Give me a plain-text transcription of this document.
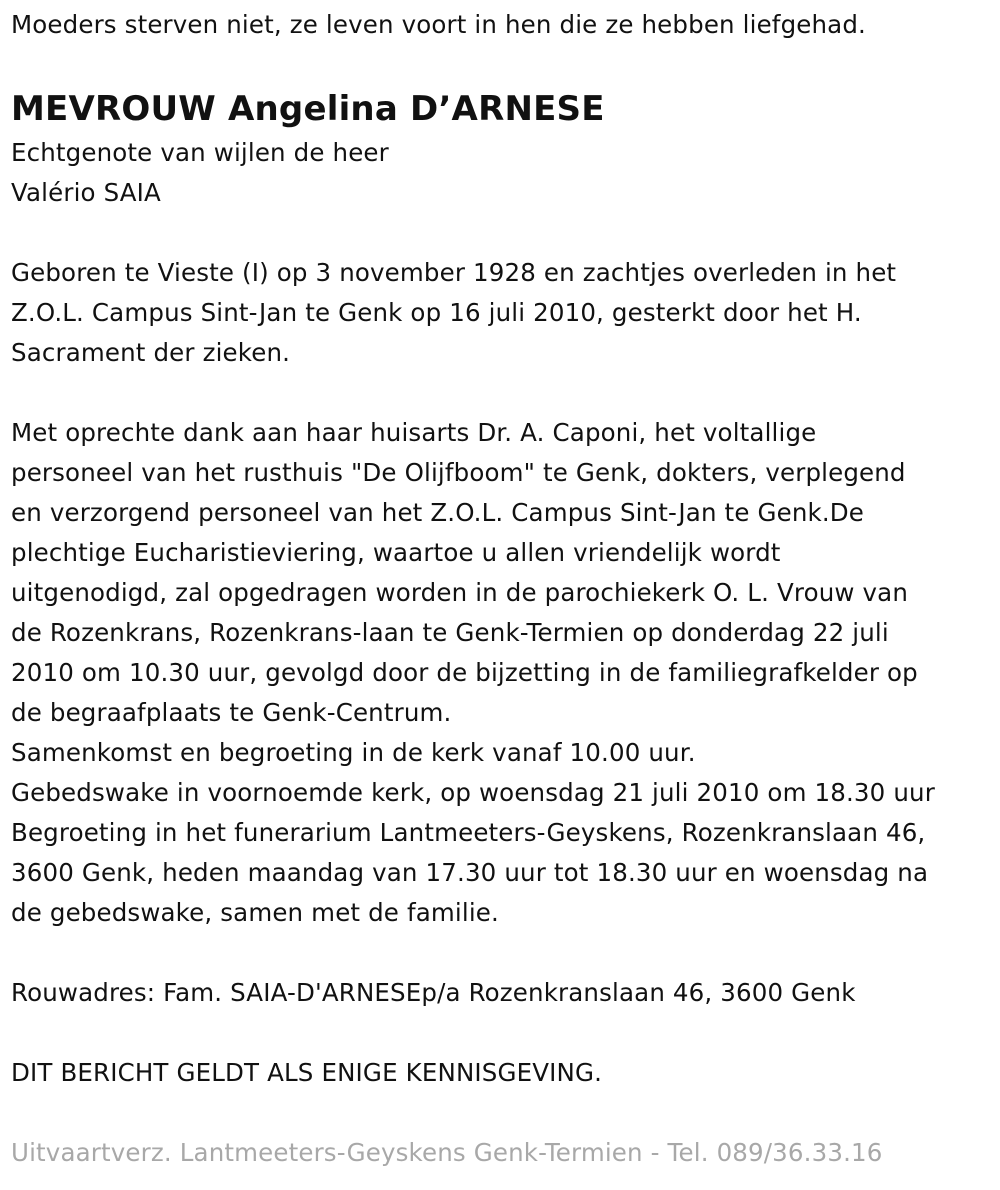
Moeders sterven niet, ze leven voort in hen die ze hebben liefgehad.
MEVROUW Angelina D’ARNESE
Echtgenote van wijlen de heer
Valério SAIA
Geboren te Vieste (I) op 3 november 1928 en zachtjes overleden in het
Z.O.L. Campus Sint-Jan te Genk op 16 juli 2010, gesterkt door het H.
Sacrament der zieken.
Met oprechte dank aan haar huisarts Dr. A. Caponi, het voltallige
personeel van het rusthuis "De Olijfboom" te Genk, dokters, verplegend
en verzorgend personeel van het Z.O.L. Campus Sint-Jan te Genk.De
plechtige Eucharistieviering, waartoe u allen vriendelijk wordt
uitgenodigd, zal opgedragen worden in de parochiekerk O. L. Vrouw van
de Rozenkrans, Rozenkrans-laan te Genk-Termien op donderdag 22 juli
2010 om 10.30 uur, gevolgd door de bijzetting in de familiegrafkelder op
de begraafplaats te Genk-Centrum.
Samenkomst en begroeting in de kerk vanaf 10.00 uur.
Gebedswake in voornoemde kerk, op woensdag 21 juli 2010 om 18.30 uur
Begroeting in het funerarium Lantmeeters-Geyskens, Rozenkranslaan 46,
3600 Genk, heden maandag van 17.30 uur tot 18.30 uur en woensdag na
de gebedswake, samen met de familie.
Rouwadres: Fam. SAIA-D'ARNESEp/a Rozenkranslaan 46, 3600 Genk
DIT BERICHT GELDT ALS ENIGE KENNISGEVING.
Uitvaartverz. Lantmeeters-Geyskens Genk-Termien - Tel. 089/36.33.16
